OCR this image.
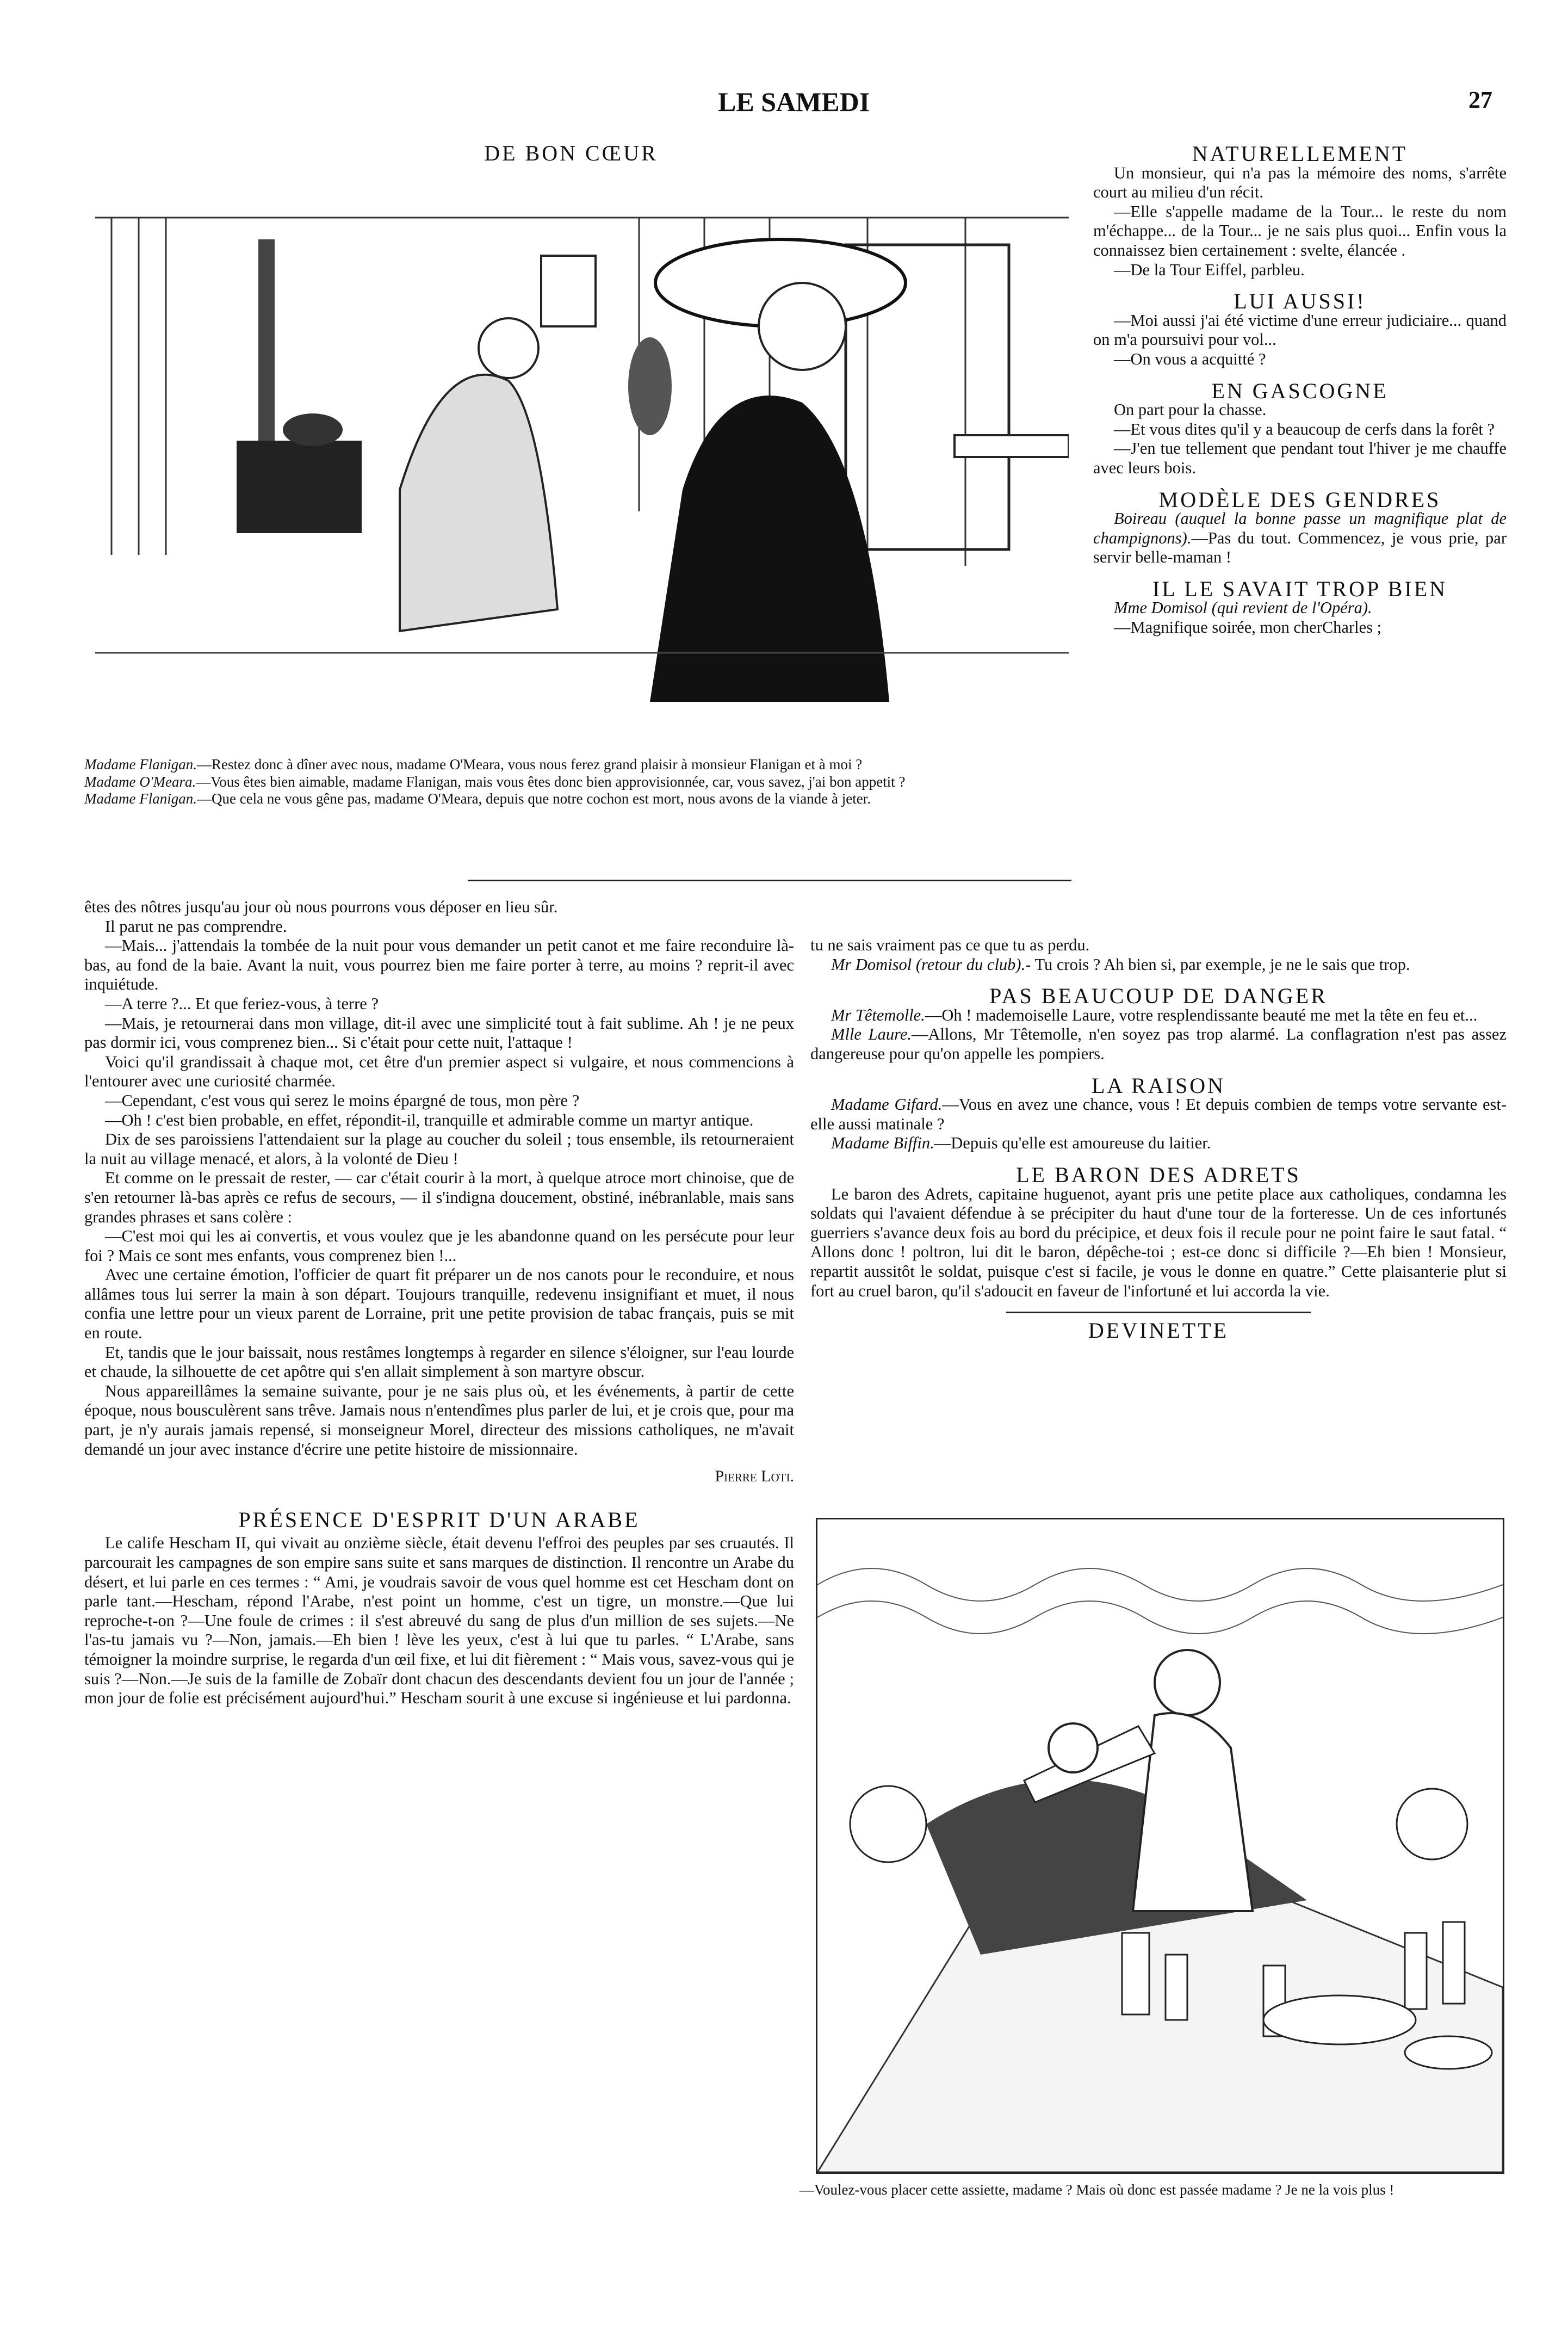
LE SAMEDI	27
DE BON CŒUR

Madame Flanigan.—Restez donc à dîner avec nous, madame O'Meara, vous nous ferez grand plaisir à monsieur Flanigan et à moi ?

Madame O'Meara.—Vous êtes bien aimable, madame Flanigan, mais vous êtes donc bien approvisionnée, car, vous savez, j'ai bon appetit ?

Madame Flanigan.—Que cela ne vous gêne pas, madame O'Meara, depuis que notre cochon est mort, nous avons de la viande à jeter.

NATURELLEMENT

Un monsieur, qui n'a pas la mémoire des noms, s'arrête court au milieu d'un récit.

—Elle s'appelle madame de la Tour... le reste du nom m'échappe... de la Tour... je ne sais plus quoi... Enfin vous la connaissez bien certainement : svelte, élancée .

—De la Tour Eiffel, parbleu.

LUI AUSSI!

—Moi aussi j'ai été victime d'une erreur judiciaire... quand on m'a poursuivi pour vol...

—On vous a acquitté ?

EN GASCOGNE

On part pour la chasse.

—Et vous dites qu'il y a beaucoup de cerfs dans la forêt ?

—J'en tue tellement que pendant tout l'hiver je me chauffe avec leurs bois.

MODÈLE DES GENDRES

Boireau (auquel la bonne passe un magnifique plat de champignons).—Pas du tout. Commencez, je vous prie, par servir belle-maman !

IL LE SAVAIT TROP BIEN

Mme Domisol (qui revient de l'Opéra).

—Magnifique soirée, mon cherCharles ;

êtes des nôtres jusqu'au jour où nous pourrons vous déposer en lieu sûr.

Il parut ne pas comprendre.

—Mais... j'attendais la tombée de la nuit pour vous demander un petit canot et me faire reconduire là-bas, au fond de la baie. Avant la nuit, vous pourrez bien me faire porter à terre, au moins ? reprit-il avec inquiétude.

—A terre ?... Et que feriez-vous, à terre ?

—Mais, je retournerai dans mon village, dit-il avec une simplicité tout à fait sublime. Ah ! je ne peux pas dormir ici, vous comprenez bien... Si c'était pour cette nuit, l'attaque !

Voici qu'il grandissait à chaque mot, cet être d'un premier aspect si vulgaire, et nous commencions à l'entourer avec une curiosité charmée.

—Cependant, c'est vous qui serez le moins épargné de tous, mon père ?

—Oh ! c'est bien probable, en effet, répondit-il, tranquille et admirable comme un martyr antique.

Dix de ses paroissiens l'attendaient sur la plage au coucher du soleil ; tous ensemble, ils retourneraient la nuit au village menacé, et alors, à la volonté de Dieu !

Et comme on le pressait de rester, — car c'était courir à la mort, à quelque atroce mort chinoise, que de s'en retourner là-bas après ce refus de secours, — il s'indigna doucement, obstiné, inébranlable, mais sans grandes phrases et sans colère :

—C'est moi qui les ai convertis, et vous voulez que je les abandonne quand on les persécute pour leur foi ? Mais ce sont mes enfants, vous comprenez bien !...

Avec une certaine émotion, l'officier de quart fit préparer un de nos canots pour le reconduire, et nous allâmes tous lui serrer la main à son départ. Toujours tranquille, redevenu insignifiant et muet, il nous confia une lettre pour un vieux parent de Lorraine, prit une petite provision de tabac français, puis se mit en route.

Et, tandis que le jour baissait, nous restâmes longtemps à regarder en silence s'éloigner, sur l'eau lourde et chaude, la silhouette de cet apôtre qui s'en allait simplement à son martyre obscur.

Nous appareillâmes la semaine suivante, pour je ne sais plus où, et les événements, à partir de cette époque, nous bousculèrent sans trêve. Jamais nous n'entendîmes plus parler de lui, et je crois que, pour ma part, je n'y aurais jamais repensé, si monseigneur Morel, directeur des missions catholiques, ne m'avait demandé un jour avec instance d'écrire une petite histoire de missionnaire.

Pierre Loti.
PRÉSENCE D'ESPRIT D'UN ARABE

Le calife Hescham II, qui vivait au onzième siècle, était devenu l'effroi des peuples par ses cruautés. Il parcourait les campagnes de son empire sans suite et sans marques de distinction. Il rencontre un Arabe du désert, et lui parle en ces termes : “ Ami, je voudrais savoir de vous quel homme est cet Hescham dont on parle tant.—Hescham, répond l'Arabe, n'est point un homme, c'est un tigre, un monstre.—Que lui reproche-t-on ?—Une foule de crimes : il s'est abreuvé du sang de plus d'un million de ses sujets.—Ne l'as-tu jamais vu ?—Non, jamais.—Eh bien ! lève les yeux, c'est à lui que tu parles. “ L'Arabe, sans témoigner la moindre surprise, le regarda d'un œil fixe, et lui dit fièrement : “ Mais vous, savez-vous qui je suis ?—Non.—Je suis de la famille de Zobaïr dont chacun des descendants devient fou un jour de l'année ; mon jour de folie est précisément aujourd'hui.” Hescham sourit à une excuse si ingénieuse et lui pardonna.

tu ne sais vraiment pas ce que tu as perdu.

Mr Domisol (retour du club).- Tu crois ? Ah bien si, par exemple, je ne le sais que trop.

PAS BEAUCOUP DE DANGER

Mr Têtemolle.—Oh ! mademoiselle Laure, votre resplendissante beauté me met la tête en feu et...

Mlle Laure.—Allons, Mr Têtemolle, n'en soyez pas trop alarmé. La conflagration n'est pas assez dangereuse pour qu'on appelle les pompiers.

LA RAISON

Madame Gifard.—Vous en avez une chance, vous ! Et depuis combien de temps votre servante est-elle aussi matinale ?

Madame Biffin.—Depuis qu'elle est amoureuse du laitier.

LE BARON DES ADRETS

Le baron des Adrets, capitaine huguenot, ayant pris une petite place aux catholiques, condamna les soldats qui l'avaient défendue à se précipiter du haut d'une tour de la forteresse. Un de ces infortunés guerriers s'avance deux fois au bord du précipice, et deux fois il recule pour ne point faire le saut fatal. “ Allons donc ! poltron, lui dit le baron, dépêche-toi ; est-ce donc si difficile ?—Eh bien ! Monsieur, repartit aussitôt le soldat, puisque c'est si facile, je vous le donne en quatre.” Cette plaisanterie plut si fort au cruel baron, qu'il s'adoucit en faveur de l'infortuné et lui accorda la vie.

DEVINETTE
—Voulez-vous placer cette assiette, madame ? Mais où donc est passée madame ? Je ne la vois plus !
